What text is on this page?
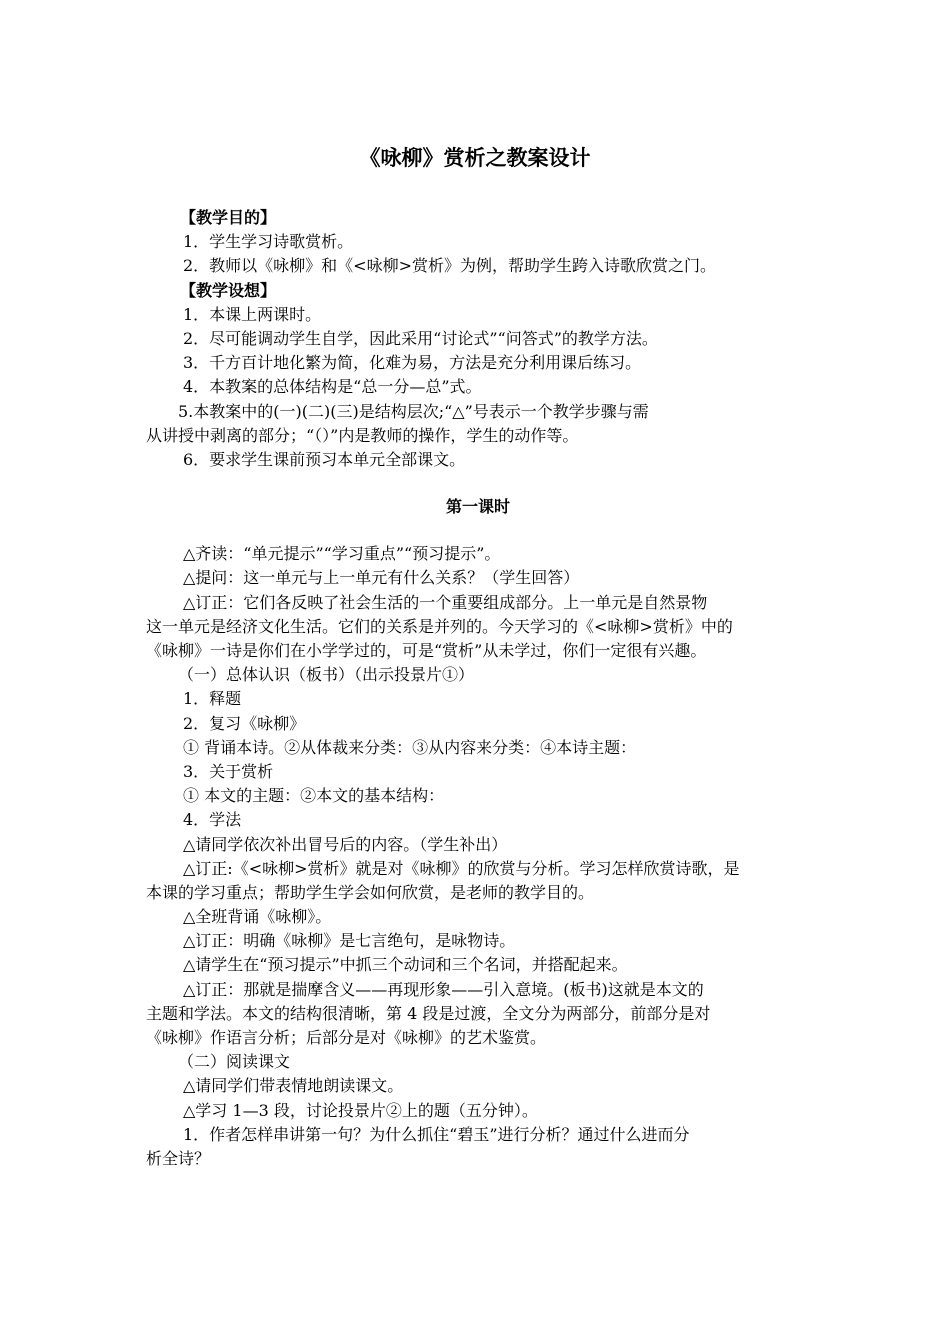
《咏柳》赏析之教案设计
【教学目的】
1．学生学习诗歌赏析。
2．教师以《咏柳》和《<咏柳>赏析》为例，帮助学生跨入诗歌欣赏之门。
【教学设想】
1．本课上两课时。
2．尽可能调动学生自学，因此采用“讨论式”“问答式”的教学方法。
3．千方百计地化繁为简，化难为易，方法是充分利用课后练习。
4．本教案的总体结构是“总一分—总”式。
5.本教案中的(一)(二)(三)是结构层次;“△”号表示一个教学步骤与需
从讲授中剥离的部分；“（）”内是教师的操作，学生的动作等。
6．要求学生课前预习本单元全部课文。
第一课时
△齐读：“单元提示”“学习重点”“预习提示”。
△提问：这一单元与上一单元有什么关系？（学生回答）
△订正：它们各反映了社会生活的一个重要组成部分。上一单元是自然景物
这一单元是经济文化生活。它们的关系是并列的。今天学习的《<咏柳>赏析》中的
《咏柳》一诗是你们在小学学过的，可是“赏析”从未学过，你们一定很有兴趣。
（一）总体认识（板书）（出示投景片①）
1．释题
2．复习《咏柳》
① 背诵本诗。②从体裁来分类：③从内容来分类：④本诗主题：
3．关于赏析
① 本文的主题：②本文的基本结构：
4．学法
△请同学依次补出冒号后的内容。（学生补出）
△订正:《<咏柳>赏析》就是对《咏柳》的欣赏与分析。学习怎样欣赏诗歌，是
本课的学习重点；帮助学生学会如何欣赏，是老师的教学目的。
△全班背诵《咏柳》。
△订正：明确《咏柳》是七言绝句，是咏物诗。
△请学生在“预习提示”中抓三个动词和三个名词，并搭配起来。
△订正：那就是揣摩含义——再现形象——引入意境。(板书)这就是本文的
主题和学法。本文的结构很清晰，第 4 段是过渡，全文分为两部分，前部分是对
《咏柳》作语言分析；后部分是对《咏柳》的艺术鉴赏。
（二）阅读课文
△请同学们带表情地朗读课文。
△学习 1—3 段，讨论投景片②上的题（五分钟）。
1．作者怎样串讲第一句？为什么抓住“碧玉”进行分析？通过什么进而分
析全诗？
